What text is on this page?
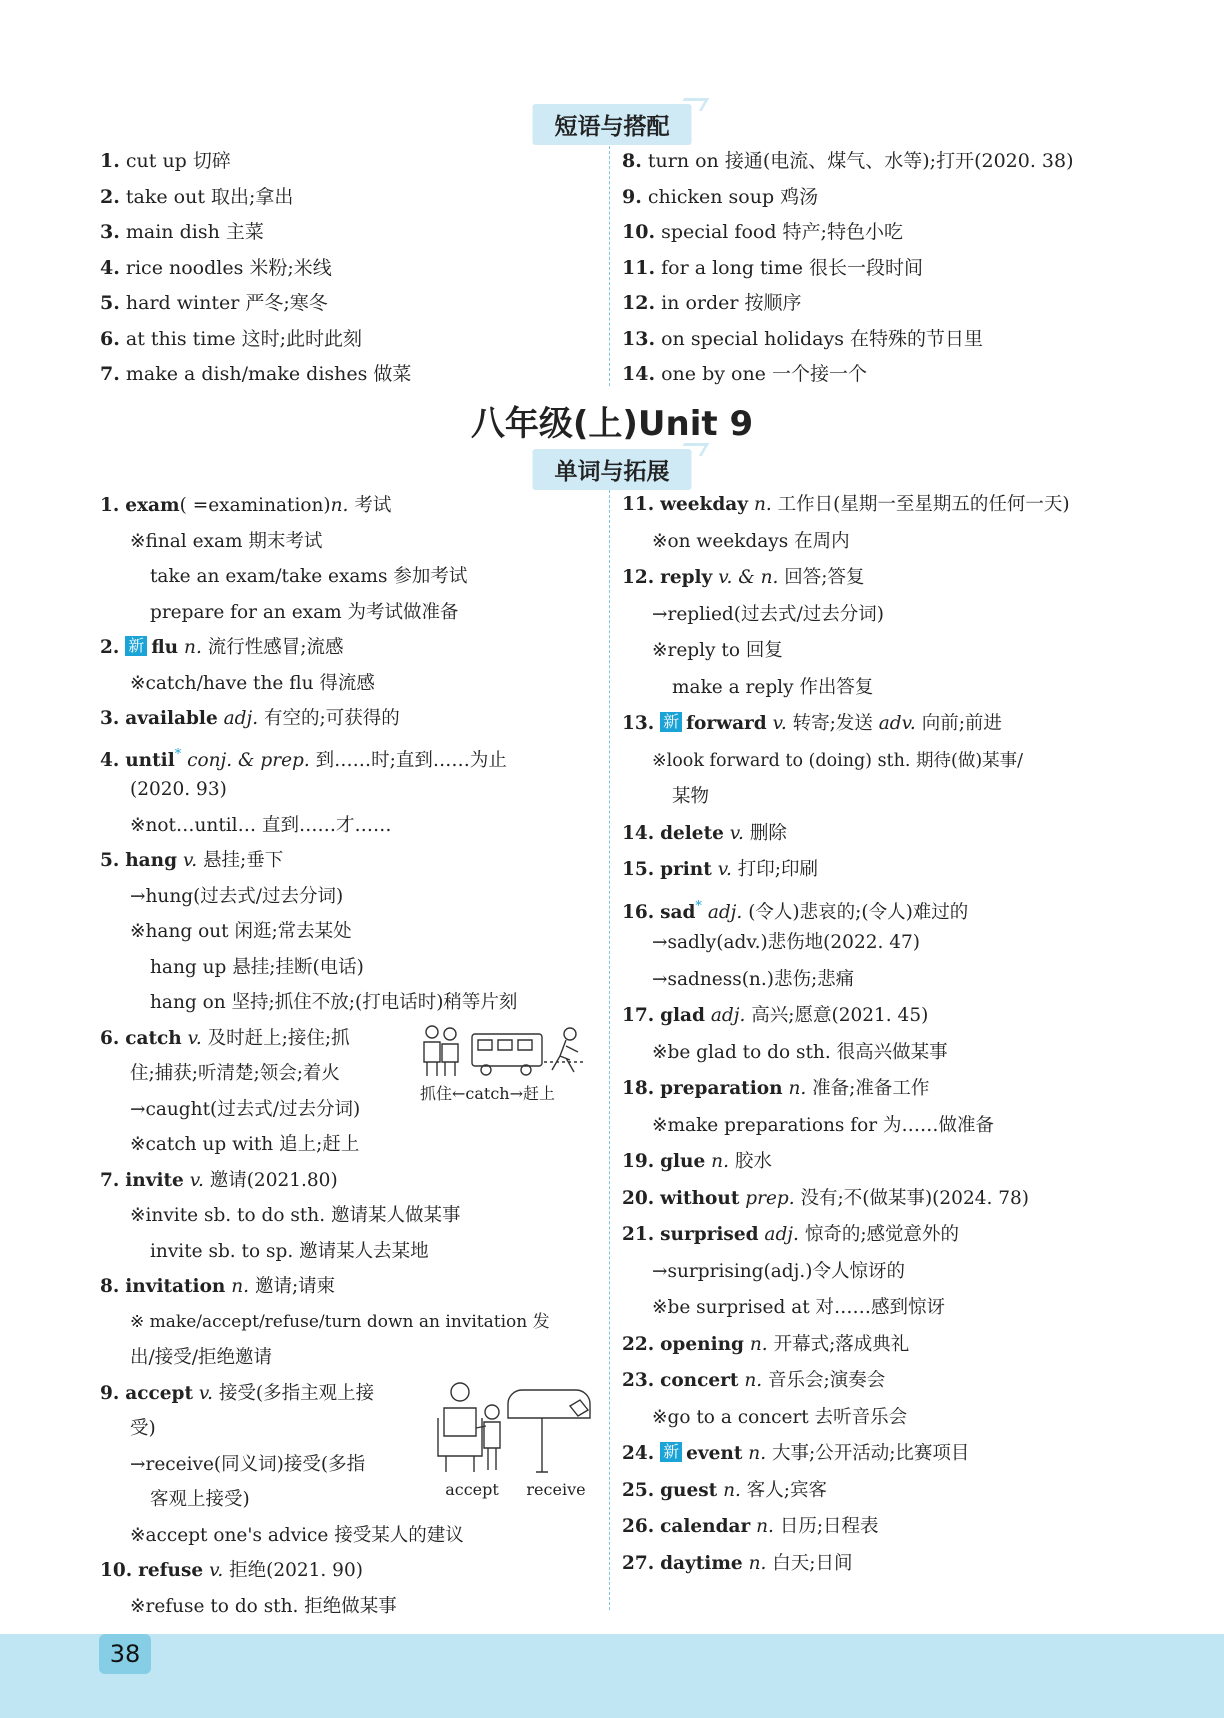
短语与搭配
1. cut up 切碎
2. take out 取出;拿出
3. main dish 主菜
4. rice noodles 米粉;米线
5. hard winter 严冬;寒冬
6. at this time 这时;此时此刻
7. make a dish/make dishes 做菜
8. turn on 接通(电流、煤气、水等);打开(2020. 38)
9. chicken soup 鸡汤
10. special food 特产;特色小吃
11. for a long time 很长一段时间
12. in order 按顺序
13. on special holidays 在特殊的节日里
14. one by one 一个接一个
八年级(上)Unit 9
单词与拓展
1. exam( =examination)n. 考试
※final exam 期末考试
take an exam/take exams 参加考试
prepare for an exam 为考试做准备
2. 新 flu n. 流行性感冒;流感
※catch/have the flu 得流感
3. available adj. 有空的;可获得的
4. until* conj. & prep. 到……时;直到……为止
(2020. 93)
※not…until… 直到……才……
5. hang v. 悬挂;垂下
→hung(过去式/过去分词)
※hang out 闲逛;常去某处
hang up 悬挂;挂断(电话)
hang on 坚持;抓住不放;(打电话时)稍等片刻
6. catch v. 及时赶上;接住;抓
住;捕获;听清楚;领会;着火
→caught(过去式/过去分词)
※catch up with 追上;赶上
7. invite v. 邀请(2021.80)
※invite sb. to do sth. 邀请某人做某事
invite sb. to sp. 邀请某人去某地
8. invitation n. 邀请;请柬
※ make/accept/refuse/turn down an invitation 发
出/接受/拒绝邀请
9. accept v. 接受(多指主观上接
受)
→receive(同义词)接受(多指
客观上接受)
※accept one's advice 接受某人的建议
10. refuse v. 拒绝(2021. 90)
※refuse to do sth. 拒绝做某事
抓住←catch→赶上
accept receive
11. weekday n. 工作日(星期一至星期五的任何一天)
※on weekdays 在周内
12. reply v. & n. 回答;答复
→replied(过去式/过去分词)
※reply to 回复
make a reply 作出答复
13. 新 forward v. 转寄;发送 adv. 向前;前进
※look forward to (doing) sth. 期待(做)某事/
某物
14. delete v. 删除
15. print v. 打印;印刷
16. sad* adj. (令人)悲哀的;(令人)难过的
→sadly(adv.)悲伤地(2022. 47)
→sadness(n.)悲伤;悲痛
17. glad adj. 高兴;愿意(2021. 45)
※be glad to do sth. 很高兴做某事
18. preparation n. 准备;准备工作
※make preparations for 为……做准备
19. glue n. 胶水
20. without prep. 没有;不(做某事)(2024. 78)
21. surprised adj. 惊奇的;感觉意外的
→surprising(adj.)令人惊讶的
※be surprised at 对……感到惊讶
22. opening n. 开幕式;落成典礼
23. concert n. 音乐会;演奏会
※go to a concert 去听音乐会
24. 新 event n. 大事;公开活动;比赛项目
25. guest n. 客人;宾客
26. calendar n. 日历;日程表
27. daytime n. 白天;日间
38
